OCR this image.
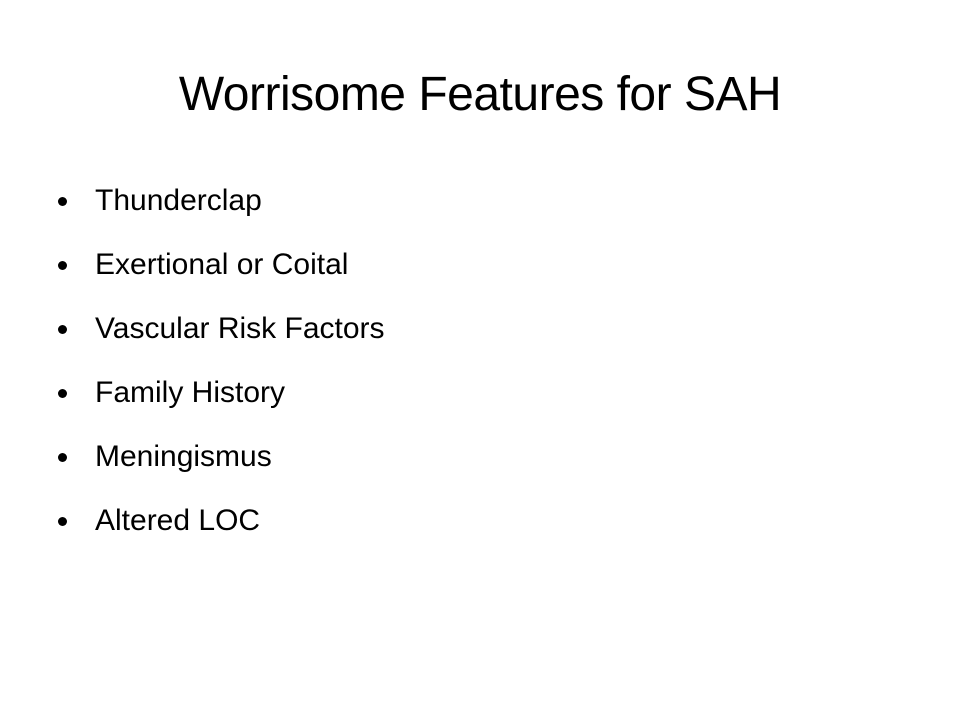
Worrisome Features for SAH
Thunderclap
Exertional or Coital
Vascular Risk Factors
Family History
Meningismus
Altered LOC
